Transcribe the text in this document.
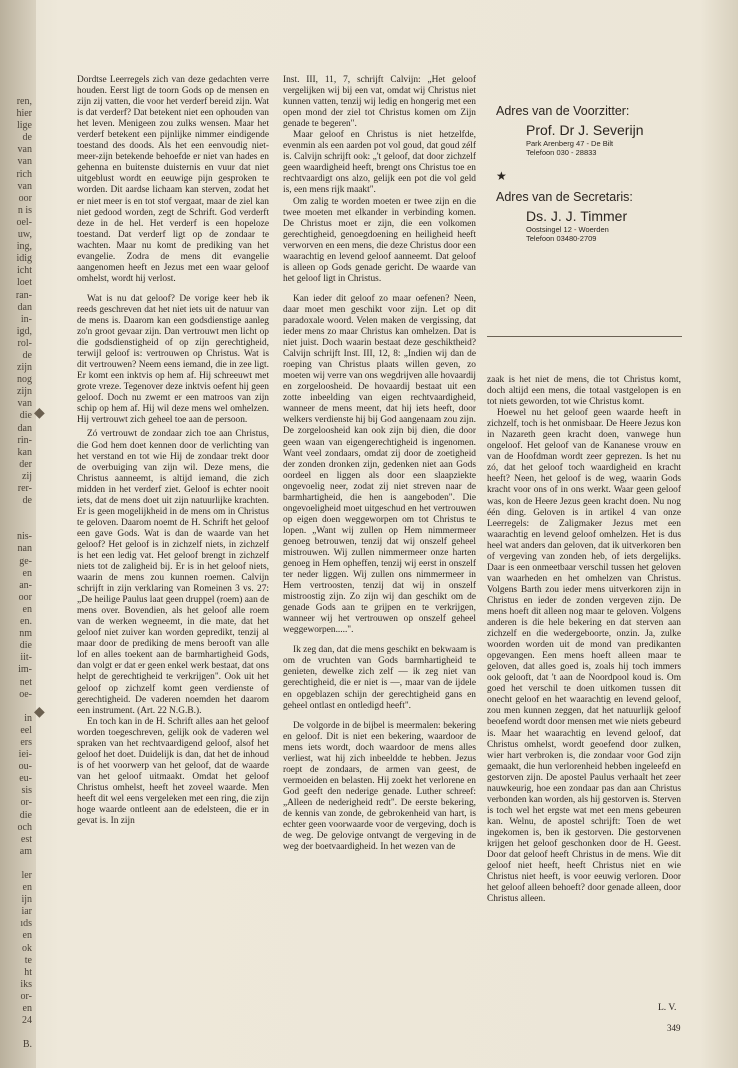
ren,
hier
lige
de
van
van
rich
van
oor
n is
oel-
uw,
ing,
idig
icht
loet
ran-
dan
in-
igd,
rol-
de
zijn
nog
zijn
van
die
dan
rin-
kan
der
zij
rer-
de
nis-
nan
ge-
en
an-
oor
en
en.
nm
die
iit-
im-
net
oe-
in
eel
ers
iei-
ou-
eu-
sis
or-
die
och
est
am
ler
en
ijn
iar
ıds
en
ok
te
ht
iks
or-
en
24
B.
◆
◆

Dordtse Leerregels zich van deze gedachten verre houden. Eerst ligt de toorn Gods op de mensen en zijn zij vatten, die voor het verderf bereid zijn. Wat is dat verderf? Dat betekent niet een ophouden van het leven. Menigeen zou zulks wensen. Maar het verderf betekent een pijnlijke nimmer eindigende toestand des doods. Als het een eenvoudig niet-meer-zijn betekende behoefde er niet van hades en gehenna en buitenste duisternis en vuur dat niet uitgeblust wordt en eeuwige pijn gesproken te worden. Dit aardse lichaam kan sterven, zodat het er niet meer is en tot stof vergaat, maar de ziel kan niet gedood worden, zegt de Schrift. God verderft deze in de hel. Het verderf is een hopeloze toestand. Dat verderf ligt op de zondaar te wachten. Maar nu komt de prediking van het evangelie. Zodra de mens dit evangelie aangenomen heeft en Jezus met een waar geloof omhelst, wordt hij verlost.

Wat is nu dat geloof? De vorige keer heb ik reeds geschreven dat het niet iets uit de natuur van de mens is. Daarom kan een godsdienstige aanleg zo'n groot gevaar zijn. Dan vertrouwt men licht op die godsdienstigheid of op zijn gerechtigheid, terwijl geloof is: vertrouwen op Christus. Wat is dit vertrouwen? Neem eens iemand, die in zee ligt. Er komt een inktvis op hem af. Hij schreeuwt met grote vreze. Tegenover deze inktvis oefent hij geen geloof. Doch nu zwemt er een matroos van zijn schip op hem af. Hij wil deze mens wel omhelzen. Hij vertrouwt zich geheel toe aan de persoon.

Zó vertrouwt de zondaar zich toe aan Christus, die God hem doet kennen door de verlichting van het verstand en tot wie Hij de zondaar trekt door de overbuiging van zijn wil. Deze mens, die Christus aanneemt, is altijd iemand, die zich midden in het verderf ziet. Geloof is echter nooit iets, dat de mens doet uit zijn natuurlijke krachten. Er is geen mogelijkheid in de mens om in Christus te geloven. Daarom noemt de H. Schrift het geloof een gave Gods. Wat is dan de waarde van het geloof? Het geloof is in zichzelf niets, in zichzelf is het een ledig vat. Het geloof brengt in zichzelf niets tot de zaligheid bij. Er is in het geloof niets, waarin de mens zou kunnen roemen. Calvijn schrijft in zijn verklaring van Romeinen 3 vs. 27: „De heilige Paulus laat geen druppel (roem) aan de mens over. Bovendien, als het geloof alle roem van de werken wegneemt, in die mate, dat het geloof niet zuiver kan worden gepredikt, tenzij al maar door de prediking de mens berooft van alle lof en alles toekent aan de barmhartigheid Gods, dan volgt er dat er geen enkel werk bestaat, dat ons helpt de gerechtigheid te verkrijgen". Ook uit het geloof op zichzelf komt geen verdienste of gerechtigheid. De vaderen noemden het daarom een instrument. (Art. 22 N.G.B.).

En toch kan in de H. Schrift alles aan het geloof worden toegeschreven, gelijk ook de vaderen wel spraken van het rechtvaardigend geloof, alsof het geloof het doet. Duidelijk is dan, dat het de inhoud is of het voorwerp van het geloof, dat de waarde van het geloof uitmaakt. Omdat het geloof Christus omhelst, heeft het zoveel waarde. Men heeft dit wel eens vergeleken met een ring, die zijn hoge waarde ontleent aan de edelsteen, die er in gevat is. In zijn

Inst. III, 11, 7, schrijft Calvijn: „Het geloof vergelijken wij bij een vat, omdat wij Christus niet kunnen vatten, tenzij wij ledig en hongerig met een open mond der ziel tot Christus komen om Zijn genade te begeren".

Maar geloof en Christus is niet hetzelfde, evenmin als een aarden pot vol goud, dat goud zélf is. Calvijn schrijft ook: „'t geloof, dat door zichzelf geen waardigheid heeft, brengt ons Christus toe en rechtvaardigt ons alzo, gelijk een pot die vol geld is, een mens rijk maakt".

Om zalig te worden moeten er twee zijn en die twee moeten met elkander in verbinding komen. De Christus moet er zijn, die een volkomen gerechtigheid, genoegdoening en heiligheid heeft verworven en een mens, die deze Christus door een waarachtig en levend geloof aanneemt. Dat geloof is alleen op Gods genade gericht. De waarde van het geloof ligt in Christus.

Kan ieder dit geloof zo maar oefenen? Neen, daar moet men geschikt voor zijn. Let op dit paradoxale woord. Velen maken de vergissing, dat ieder mens zo maar Christus kan omhelzen. Dat is niet juist. Doch waarin bestaat deze geschiktheid? Calvijn schrijft Inst. III, 12, 8: „Indien wij dan de roeping van Christus plaats willen geven, zo moeten wij verre van ons wegdrijven alle hovaardij en zorgeloosheid. De hovaardij bestaat uit een zotte inbeelding van eigen rechtvaardigheid, wanneer de mens meent, dat hij iets heeft, door welkers verdienste hij bij God aangenaam zou zijn. De zorgeloosheid kan ook zijn bij dien, die door geen waan van eigengerechtigheid is ingenomen. Want veel zondaars, omdat zij door de zoetigheid der zonden dronken zijn, gedenken niet aan Gods oordeel en liggen als door een slaapziekte ongevoelig neer, zodat zij niet streven naar de barmhartigheid, die hen is aangeboden". Die ongevoeligheid moet uitgeschud en het vertrouwen op eigen doen weggeworpen om tot Christus te lopen. „Want wij zullen op Hem nimmermeer genoeg betrouwen, tenzij dat wij onszelf geheel mistrouwen. Wij zullen nimmermeer onze harten genoeg in Hem opheffen, tenzij wij eerst in onszelf ter neder liggen. Wij zullen ons nimmermeer in Hem vertroosten, tenzij dat wij in onszelf mistroostig zijn. Zo zijn wij dan geschikt om de genade Gods aan te grijpen en te verkrijgen, wanneer wij het vertrouwen op onszelf geheel weggeworpen.....".

Ik zeg dan, dat die mens geschikt en bekwaam is om de vruchten van Gods barmhartigheid te genieten, dewelke zich zelf — ik zeg niet van gerechtigheid, die er niet is —, maar van de ijdele en opgeblazen schijn der gerechtigheid gans en geheel ontlast en ontledigd heeft".

De volgorde in de bijbel is meermalen: bekering en geloof. Dit is niet een bekering, waardoor de mens iets wordt, doch waardoor de mens alles verliest, wat hij zich inbeeldde te hebben. Jezus roept de zondaars, de armen van geest, de vermoeiden en belasten. Hij zoekt het verlorene en God geeft den nederige genade. Luther schreef: „Alleen de nederigheid redt". De eerste bekering, de kennis van zonde, de gebrokenheid van hart, is echter geen voorwaarde voor de vergeving, doch is de weg. De gelovige ontvangt de vergeving in de weg der boetvaardigheid. In het wezen van de

Adres van de Voorzitter:
Prof. Dr J. Severijn
Park Arenberg 47 - De Bilt
Telefoon 030 - 28833
★
Adres van de Secretaris:
Ds. J. J. Timmer
Oostsingel 12 - Woerden
Telefoon 03480-2709

zaak is het niet de mens, die tot Christus komt, doch altijd een mens, die totaal vastgelopen is en tot niets geworden, tot wie Christus komt.

Hoewel nu het geloof geen waarde heeft in zichzelf, toch is het onmisbaar. De Heere Jezus kon in Nazareth geen kracht doen, vanwege hun ongeloof. Het geloof van de Kananese vrouw en van de Hoofdman wordt zeer geprezen. Is het nu zó, dat het geloof toch waardigheid en kracht heeft? Neen, het geloof is de weg, waarin Gods kracht voor ons of in ons werkt. Waar geen geloof was, kon de Heere Jezus geen kracht doen. Nu nog één ding. Geloven is in artikel 4 van onze Leerregels: de Zaligmaker Jezus met een waarachtig en levend geloof omhelzen. Het is dus heel wat anders dan geloven, dat ik uitverkoren ben of vergeving van zonden heb, of iets dergelijks. Daar is een onmeetbaar verschil tussen het geloven van waarheden en het omhelzen van Christus. Volgens Barth zou ieder mens uitverkoren zijn in Christus en ieder de zonden vergeven zijn. De mens hoeft dit alleen nog maar te geloven. Volgens anderen is die hele bekering en dat sterven aan zichzelf en die wedergeboorte, onzin. Ja, zulke woorden worden uit de mond van predikanten opgevangen. Een mens hoeft alleen maar te geloven, dat alles goed is, zoals hij toch immers ook gelooft, dat 't aan de Noordpool koud is. Om goed het verschil te doen uitkomen tussen dit onecht geloof en het waarachtig en levend geloof, zou men kunnen zeggen, dat het natuurlijk geloof beoefend wordt door mensen met wie niets gebeurd is. Maar het waarachtig en levend geloof, dat Christus omhelst, wordt geoefend door zulken, wier hart verbroken is, die zondaar voor God zijn gemaakt, die hun verlorenheid hebben ingeleefd en gestorven zijn. De apostel Paulus verhaalt het zeer nauwkeurig, hoe een zondaar pas dan aan Christus verbonden kan worden, als hij gestorven is. Sterven is toch wel het ergste wat met een mens gebeuren kan. Welnu, de apostel schrijft: Toen de wet ingekomen is, ben ik gestorven. Die gestorvenen krijgen het geloof geschonken door de H. Geest. Door dat geloof heeft Christus in de mens. Wie dit geloof niet heeft, heeft Christus niet en wie Christus niet heeft, is voor eeuwig verloren. Door het geloof alleen behoeft? door genade alleen, door Christus alleen.

L. V.
349
